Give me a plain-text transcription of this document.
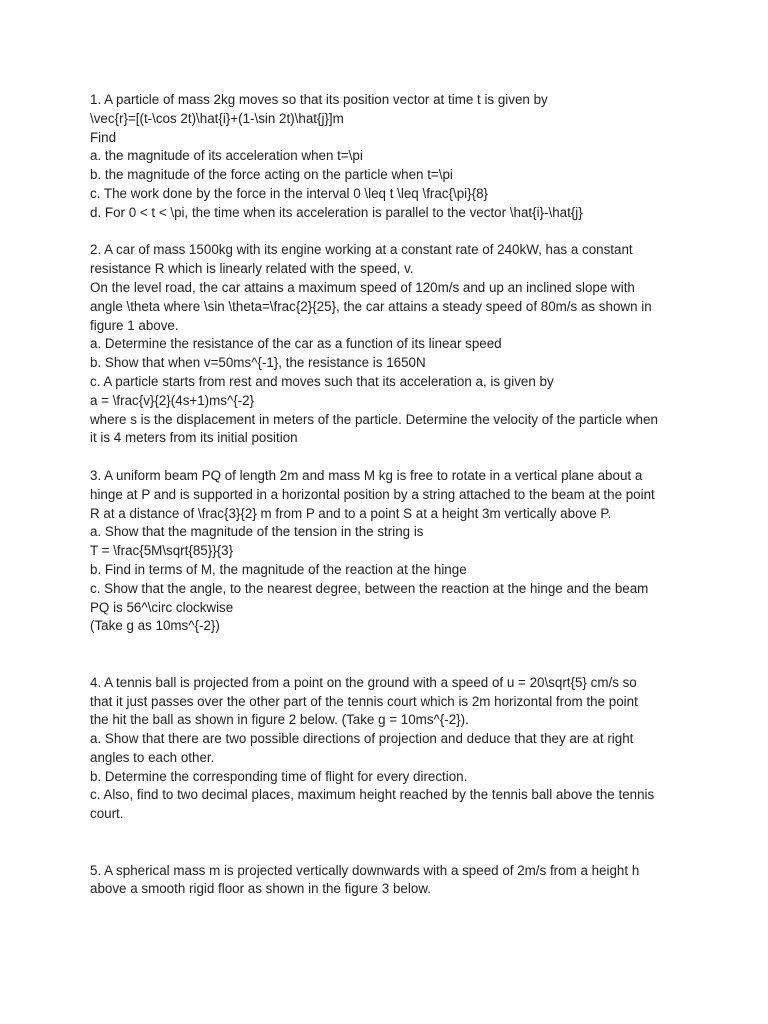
1. A particle of mass 2kg moves so that its position vector at time t is given by
\vec{r}=[(t-\cos 2t)\hat{i}+(1-\sin 2t)\hat{j}]m
Find
a. the magnitude of its acceleration when t=\pi
b. the magnitude of the force acting on the particle when t=\pi
c. The work done by the force in the interval 0 \leq t \leq \frac{\pi}{8}
d. For 0 < t < \pi, the time when its acceleration is parallel to the vector \hat{i}-\hat{j}
2. A car of mass 1500kg with its engine working at a constant rate of 240kW, has a constant
resistance R which is linearly related with the speed, v.
On the level road, the car attains a maximum speed of 120m/s and up an inclined slope with
angle \theta where \sin \theta=\frac{2}{25}, the car attains a steady speed of 80m/s as shown in
figure 1 above.
a. Determine the resistance of the car as a function of its linear speed
b. Show that when v=50ms^{-1}, the resistance is 1650N
c. A particle starts from rest and moves such that its acceleration a, is given by
a = \frac{v}{2}(4s+1)ms^{-2}
where s is the displacement in meters of the particle. Determine the velocity of the particle when
it is 4 meters from its initial position
3. A uniform beam PQ of length 2m and mass M kg is free to rotate in a vertical plane about a
hinge at P and is supported in a horizontal position by a string attached to the beam at the point
R at a distance of \frac{3}{2} m from P and to a point S at a height 3m vertically above P.
a. Show that the magnitude of the tension in the string is
T = \frac{5M\sqrt{85}}{3}
b. Find in terms of M, the magnitude of the reaction at the hinge
c. Show that the angle, to the nearest degree, between the reaction at the hinge and the beam
PQ is 56^\circ clockwise
(Take g as 10ms^{-2})
4. A tennis ball is projected from a point on the ground with a speed of u = 20\sqrt{5} cm/s so
that it just passes over the other part of the tennis court which is 2m horizontal from the point
the hit the ball as shown in figure 2 below. (Take g = 10ms^{-2}).
a. Show that there are two possible directions of projection and deduce that they are at right
angles to each other.
b. Determine the corresponding time of flight for every direction.
c. Also, find to two decimal places, maximum height reached by the tennis ball above the tennis
court.
5. A spherical mass m is projected vertically downwards with a speed of 2m/s from a height h
above a smooth rigid floor as shown in the figure 3 below.
